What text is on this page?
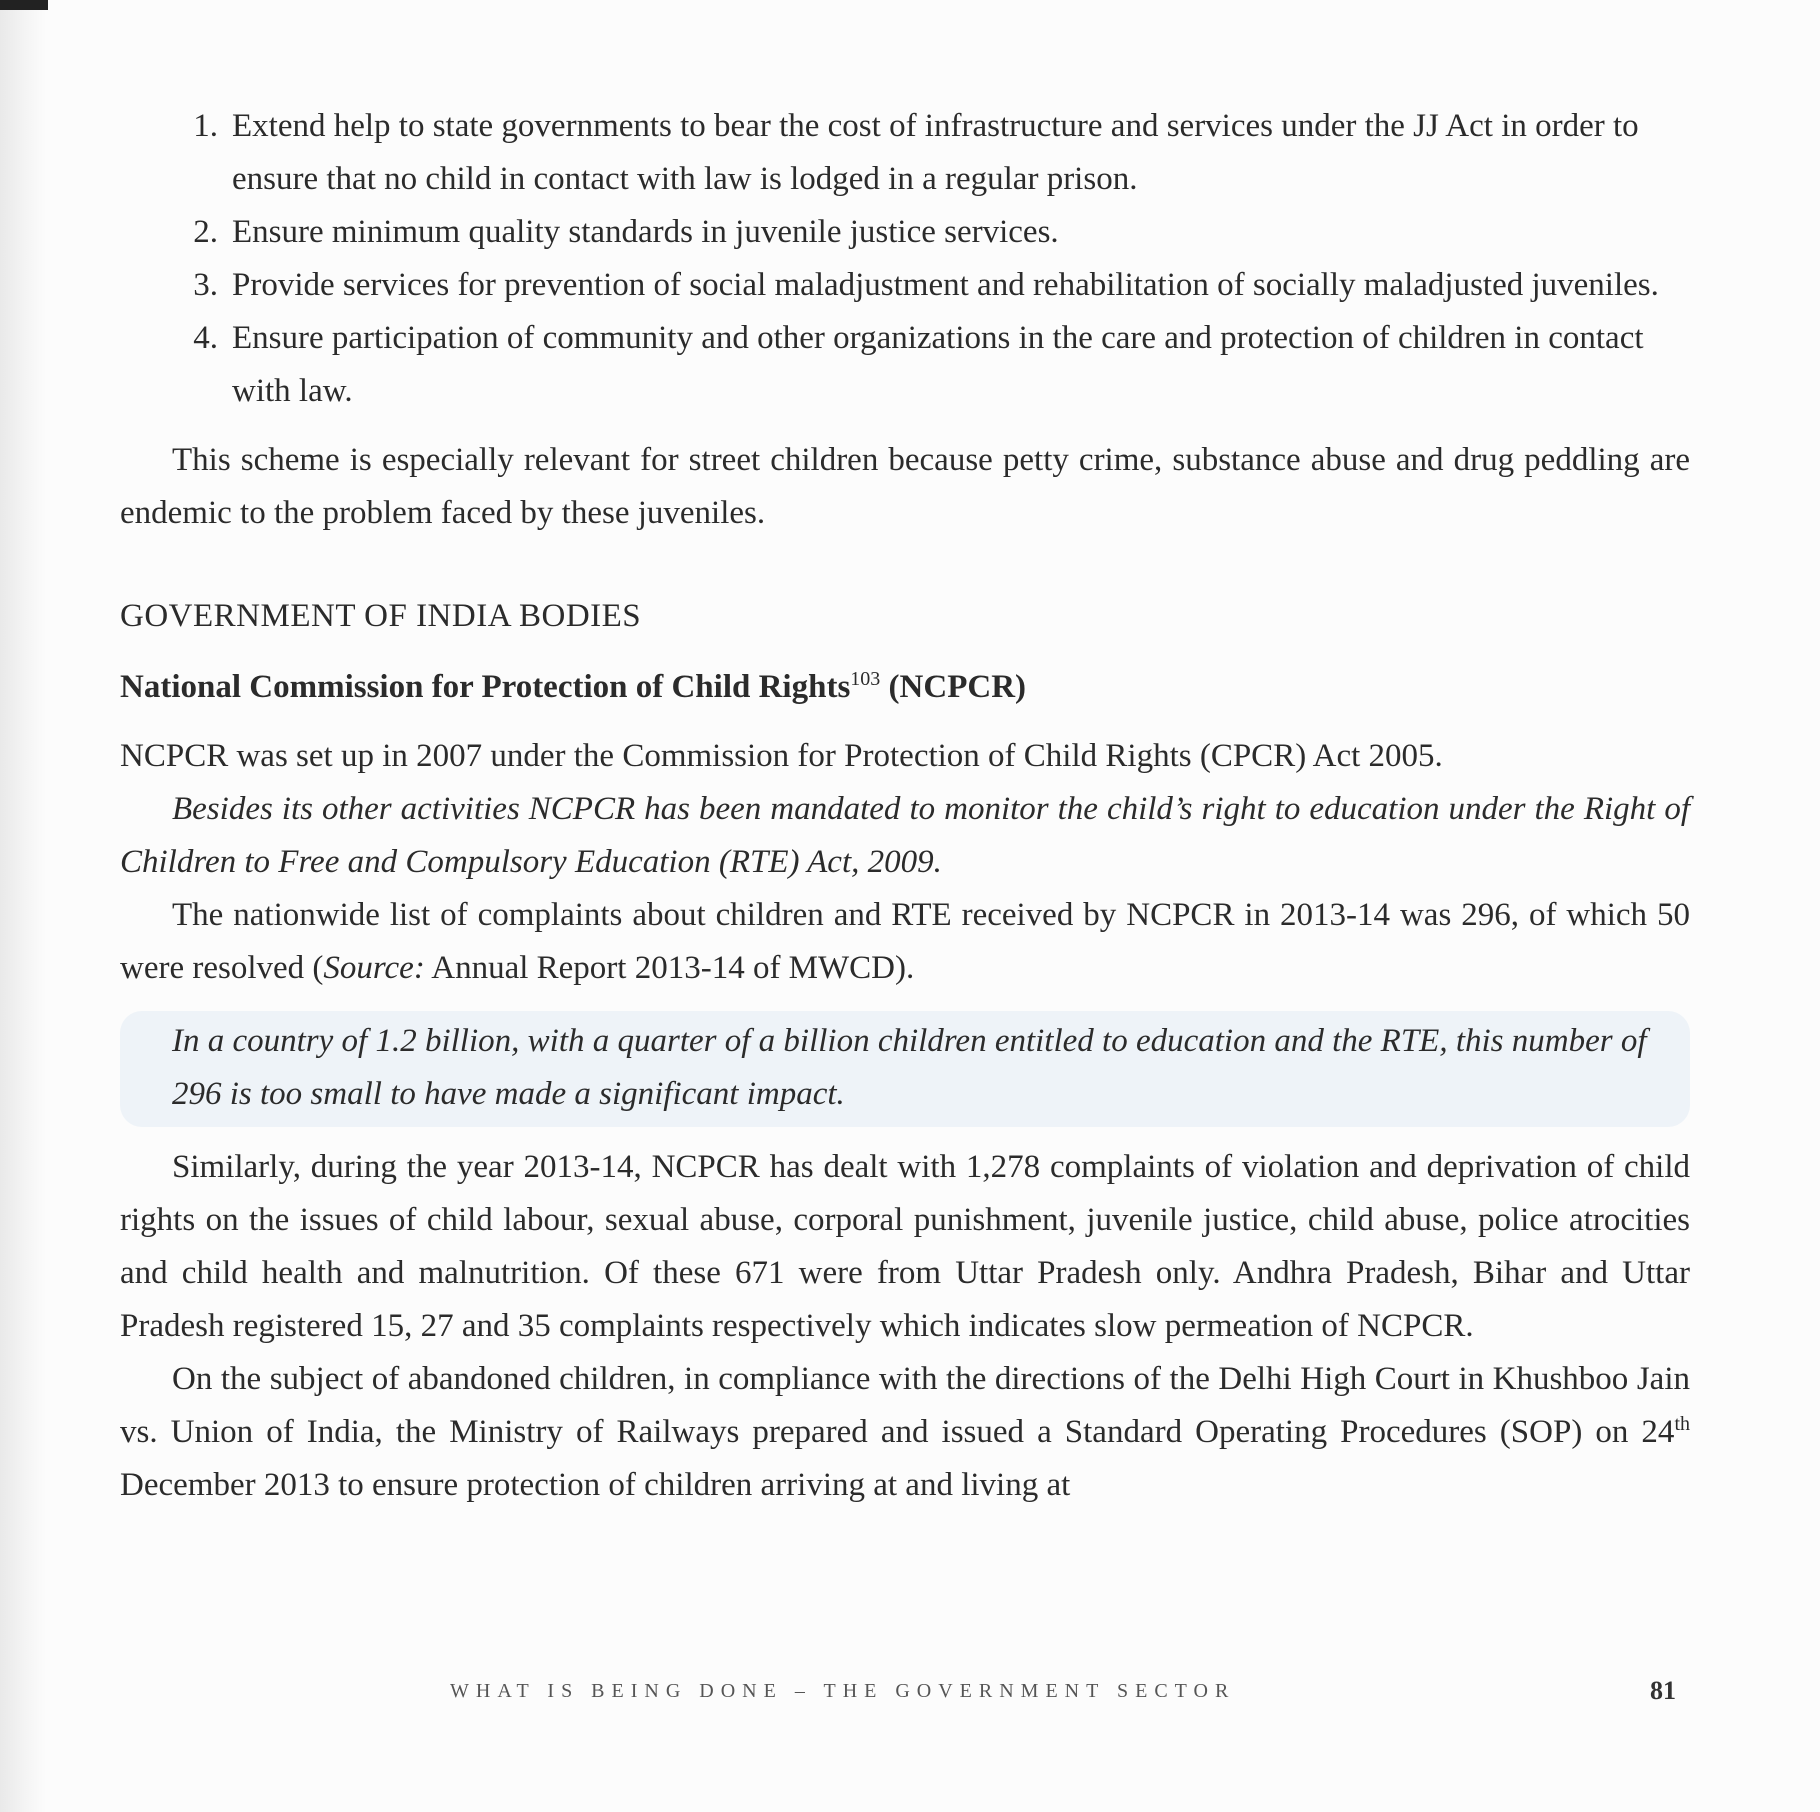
1. Extend help to state governments to bear the cost of infrastructure and services under the JJ Act in order to ensure that no child in contact with law is lodged in a regular prison.
2. Ensure minimum quality standards in juvenile justice services.
3. Provide services for prevention of social maladjustment and rehabilitation of socially maladjusted juveniles.
4. Ensure participation of community and other organizations in the care and protection of children in contact with law.

This scheme is especially relevant for street children because petty crime, substance abuse and drug peddling are endemic to the problem faced by these juveniles.

GOVERNMENT OF INDIA BODIES
National Commission for Protection of Child Rights$^{103}$ (NCPCR)

NCPCR was set up in 2007 under the Commission for Protection of Child Rights (CPCR) Act 2005.

Besides its other activities NCPCR has been mandated to monitor the child’s right to education under the Right of Children to Free and Compulsory Education (RTE) Act, 2009.

The nationwide list of complaints about children and RTE received by NCPCR in 2013-14 was 296, of which 50 were resolved (Source: Annual Report 2013-14 of MWCD).

In a country of 1.2 billion, with a quarter of a billion children entitled to education and the RTE, this number of 296 is too small to have made a significant impact.

Similarly, during the year 2013-14, NCPCR has dealt with 1,278 complaints of violation and deprivation of child rights on the issues of child labour, sexual abuse, corporal punishment, juvenile justice, child abuse, police atrocities and child health and malnutrition. Of these 671 were from Uttar Pradesh only. Andhra Pradesh, Bihar and Uttar Pradesh registered 15, 27 and 35 complaints respectively which indicates slow permeation of NCPCR.

On the subject of abandoned children, in compliance with the directions of the Delhi High Court in Khushboo Jain vs. Union of India, the Ministry of Railways prepared and issued a Standard Operating Procedures (SOP) on 24th December 2013 to ensure protection of children arriving at and living at

WHAT IS BEING DONE – THE GOVERNMENT SECTOR	81
